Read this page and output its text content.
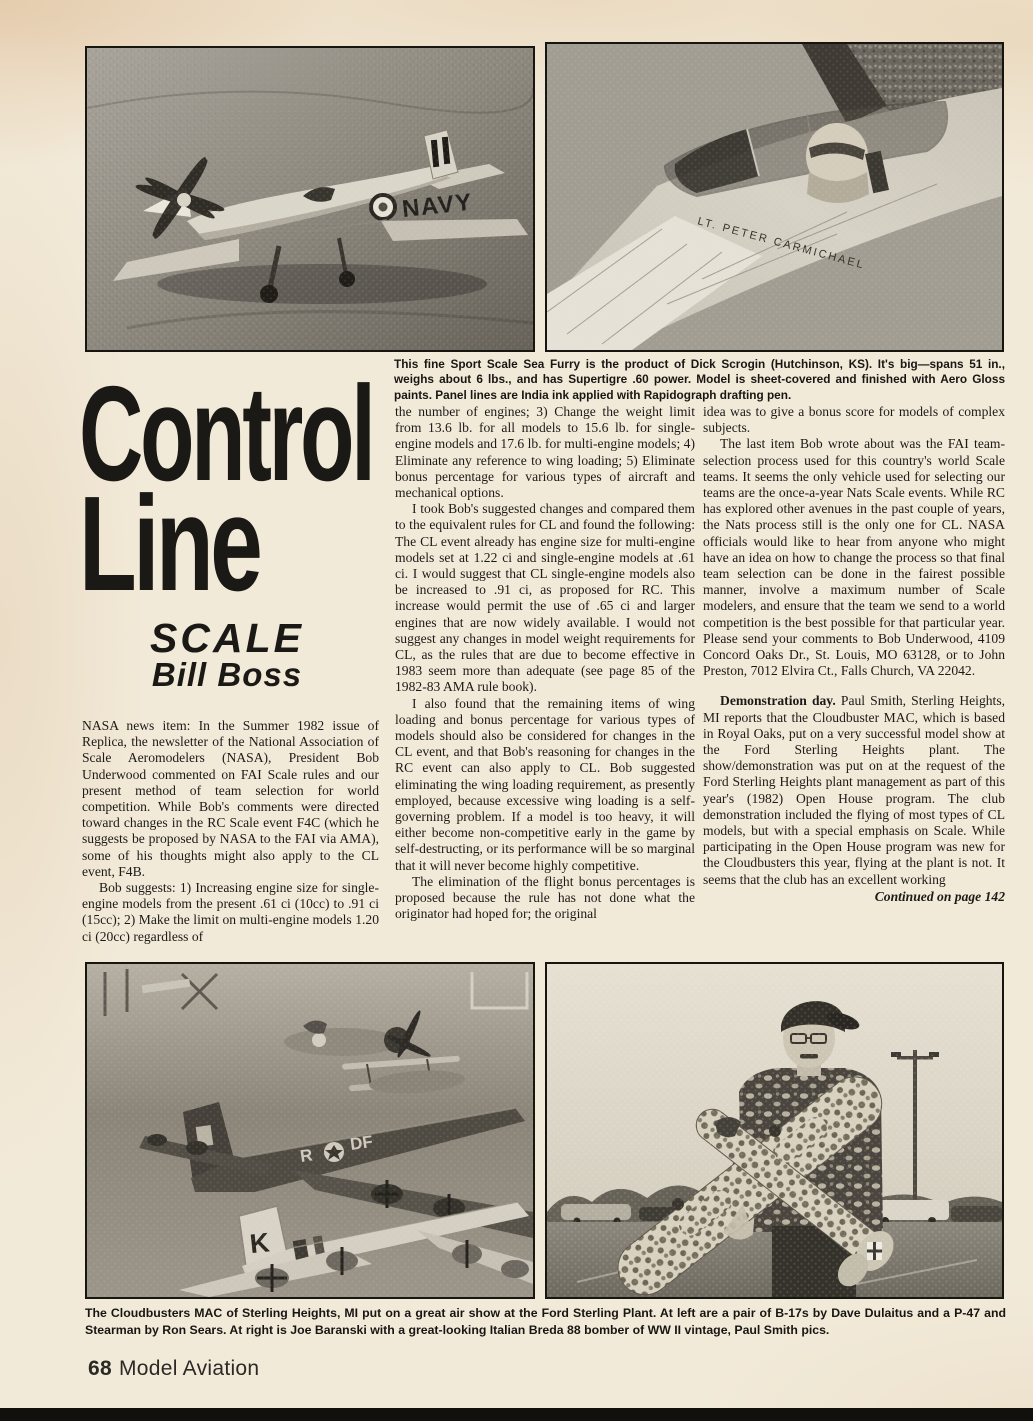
This fine Sport Scale Sea Furry is the product of Dick Scrogin (Hutchinson, KS). It's big—spans 51 in., weighs about 6 lbs., and has Supertigre .60 power. Model is sheet-covered and finished with Aero Gloss paints. Panel lines are India ink applied with Rapidograph drafting pen.

Control
Line
SCALE
Bill Boss

NASA news item: In the Summer 1982 issue of Replica, the newsletter of the National Association of Scale Aeromodelers (NASA), President Bob Underwood commented on FAI Scale rules and our present method of team selection for world competition. While Bob's comments were directed toward changes in the RC Scale event F4C (which he suggests be proposed by NASA to the FAI via AMA), some of his thoughts might also apply to the CL event, F4B.

Bob suggests: 1) Increasing engine size for single-engine models from the present .61 ci (10cc) to .91 ci (15cc); 2) Make the limit on multi-engine models 1.20 ci (20cc) regardless of

the number of engines; 3) Change the weight limit from 13.6 lb. for all models to 15.6 lb. for single-engine models and 17.6 lb. for multi-engine models; 4) Eliminate any reference to wing loading; 5) Eliminate bonus percentage for various types of aircraft and mechanical options.

I took Bob's suggested changes and compared them to the equivalent rules for CL and found the following: The CL event already has engine size for multi-engine models set at 1.22 ci and single-engine models at .61 ci. I would suggest that CL single-engine models also be increased to .91 ci, as proposed for RC. This increase would permit the use of .65 ci and larger engines that are now widely available. I would not suggest any changes in model weight requirements for CL, as the rules that are due to become effective in 1983 seem more than adequate (see page 85 of the 1982-83 AMA rule book).

I also found that the remaining items of wing loading and bonus percentage for various types of models should also be considered for changes in the CL event, and that Bob's reasoning for changes in the RC event can also apply to CL. Bob suggested eliminating the wing loading requirement, as presently employed, because excessive wing loading is a self-governing problem. If a model is too heavy, it will either become non-competitive early in the game by self-destructing, or its performance will be so marginal that it will never become highly competitive.

The elimination of the flight bonus percentages is proposed because the rule has not done what the originator had hoped for; the original

idea was to give a bonus score for models of complex subjects.

The last item Bob wrote about was the FAI team-selection process used for this country's world Scale teams. It seems the only vehicle used for selecting our teams are the once-a-year Nats Scale events. While RC has explored other avenues in the past couple of years, the Nats process still is the only one for CL. NASA officials would like to hear from anyone who might have an idea on how to change the process so that final team selection can be done in the fairest possible manner, involve a maximum number of Scale modelers, and ensure that the team we send to a world competition is the best possible for that particular year. Please send your comments to Bob Underwood, 4109 Concord Oaks Dr., St. Louis, MO 63128, or to John Preston, 7012 Elvira Ct., Falls Church, VA 22042.

Demonstration day. Paul Smith, Sterling Heights, MI reports that the Cloudbuster MAC, which is based in Royal Oaks, put on a very successful model show at the Ford Sterling Heights plant. The show/demonstration was put on at the request of the Ford Sterling Heights plant management as part of this year's (1982) Open House program. The club demonstration included the flying of most types of CL models, but with a special emphasis on Scale. While participating in the Open House program was new for the Cloudbusters this year, flying at the plant is not. It seems that the club has an excellent working

Continued on page 142

The Cloudbusters MAC of Sterling Heights, MI put on a great air show at the Ford Sterling Plant. At left are a pair of B-17s by Dave Dulaitus and a P-47 and Stearman by Ron Sears. At right is Joe Baranski with a great-looking Italian Breda 88 bomber of WW II vintage, Paul Smith pics.

68 Model Aviation
